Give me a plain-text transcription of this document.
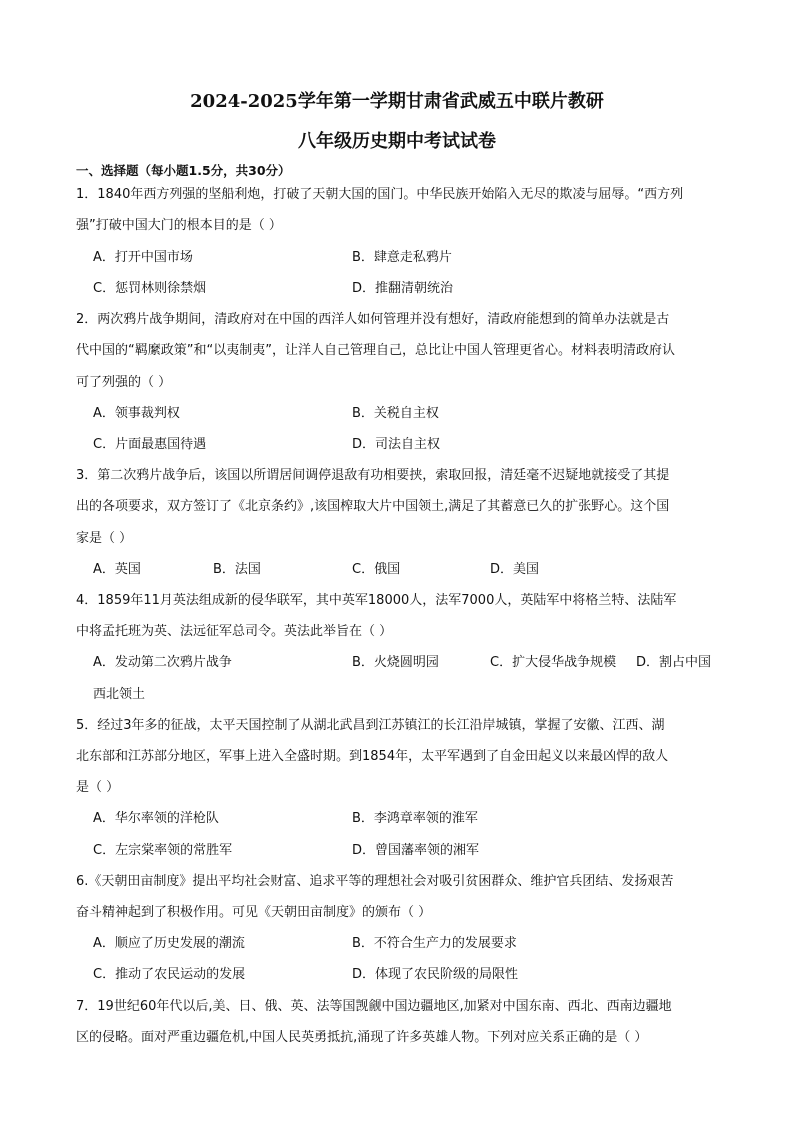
2024-2025学年第一学期甘肃省武威五中联片教研
八年级历史期中考试试卷
一、选择题（每小题1.5分，共30分）
1．1840年西方列强的坚船利炮，打破了天朝大国的国门。中华民族开始陷入无尽的欺凌与屈辱。“西方列
强”打破中国大门的根本目的是（ ）
A．打开中国市场	B．肆意走私鸦片
C．惩罚林则徐禁烟	D．推翻清朝统治
2．两次鸦片战争期间，清政府对在中国的西洋人如何管理并没有想好，清政府能想到的简单办法就是古
代中国的“羁縻政策”和“以夷制夷”，让洋人自己管理自己，总比让中国人管理更省心。材料表明清政府认
可了列强的（ ）
A．领事裁判权	B．关税自主权
C．片面最惠国待遇	D．司法自主权
3．第二次鸦片战争后，该国以所谓居间调停退敌有功相要挟，索取回报，清廷毫不迟疑地就接受了其提
出的各项要求，双方签订了《北京条约》,该国榨取大片中国领土,满足了其蓄意已久的扩张野心。这个国
家是（ ）
A．英国	B．法国	C．俄国	D．美国
4．1859年11月英法组成新的侵华联军，其中英军18000人，法军7000人，英陆军中将格兰特、法陆军
中将孟托班为英、法远征军总司令。英法此举旨在（ ）
A．发动第二次鸦片战争	B．火烧圆明园	C．扩大侵华战争规模 D．割占中国
西北领土
5．经过3年多的征战，太平天国控制了从湖北武昌到江苏镇江的长江沿岸城镇，掌握了安徽、江西、湖
北东部和江苏部分地区，军事上进入全盛时期。到1854年，太平军遇到了自金田起义以来最凶悍的敌人
是（ ）
A．华尔率领的洋枪队	B．李鸿章率领的淮军
C．左宗棠率领的常胜军	D．曾国藩率领的湘军
6.《天朝田亩制度》提出平均社会财富、追求平等的理想社会对吸引贫困群众、维护官兵团结、发扬艰苦
奋斗精神起到了积极作用。可见《天朝田亩制度》的颁布（ ）
A．顺应了历史发展的潮流	B．不符合生产力的发展要求
C．推动了农民运动的发展	D．体现了农民阶级的局限性
7．19世纪60年代以后,美、日、俄、英、法等国觊觎中国边疆地区,加紧对中国东南、西北、西南边疆地
区的侵略。面对严重边疆危机,中国人民英勇抵抗,涌现了许多英雄人物。下列对应关系正确的是（ ）
